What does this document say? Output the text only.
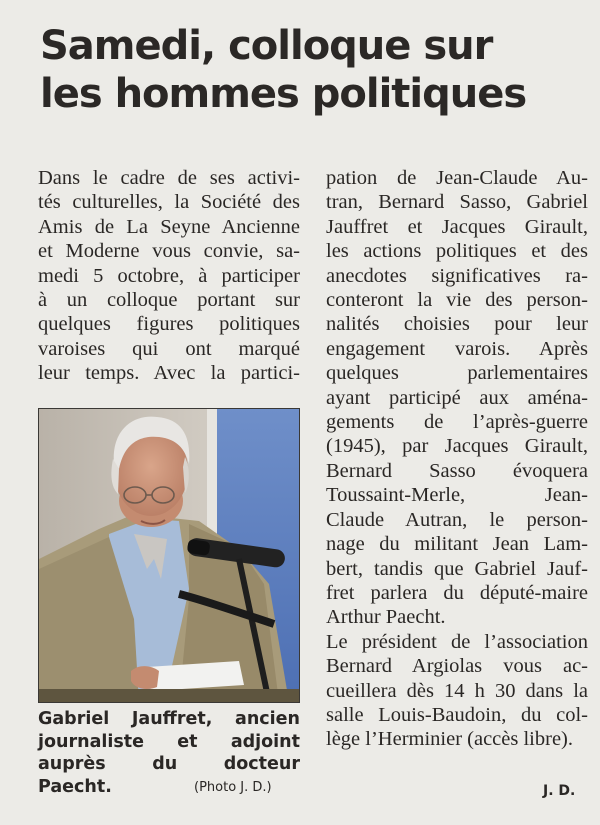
Samedi, colloque sur
les hommes politiques
Dans le cadre de ses activi-
tés culturelles, la Société des
Amis de La Seyne Ancienne
et Moderne vous convie, sa-
medi 5 octobre, à participer
à un colloque portant sur
quelques figures politiques
varoises qui ont marqué
leur temps. Avec la partici-
Gabriel Jauffret, ancien
journaliste et adjoint
auprès du docteur
Paecht.	(Photo J. D.)
pation de Jean-Claude Au-
tran, Bernard Sasso, Gabriel
Jauffret et Jacques Girault,
les actions politiques et des
anecdotes significatives ra-
conteront la vie des person-
nalités choisies pour leur
engagement varois. Après
quelques parlementaires
ayant participé aux aména-
gements de l’après-guerre
(1945), par Jacques Girault,
Bernard Sasso évoquera
Toussaint-Merle, Jean-
Claude Autran, le person-
nage du militant Jean Lam-
bert, tandis que Gabriel Jauf-
fret parlera du député-maire
Arthur Paecht.
Le président de l’association
Bernard Argiolas vous ac-
cueillera dès 14 h 30 dans la
salle Louis-Baudoin, du col-
lège l’Herminier (accès libre).
J. D.
